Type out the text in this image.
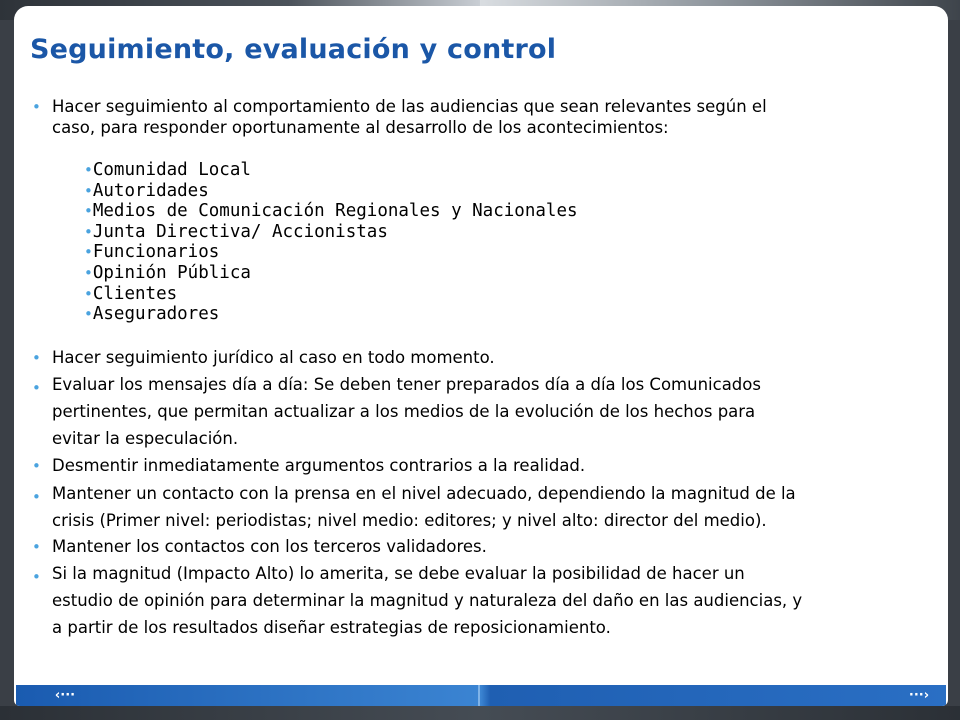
Seguimiento, evaluación y control
• Hacer seguimiento al comportamiento de las audiencias que sean relevantes según el
caso, para responder oportunamente al desarrollo de los acontecimientos:
•Comunidad Local
•Autoridades
•Medios de Comunicación Regionales y Nacionales
•Junta Directiva/ Accionistas
•Funcionarios
•Opinión Pública
•Clientes
•Aseguradores
• Hacer seguimiento jurídico al caso en todo momento.
• Evaluar los mensajes día a día: Se deben tener preparados día a día los Comunicados
pertinentes, que permitan actualizar a los medios de la evolución de los hechos para
evitar la especulación.
• Desmentir inmediatamente argumentos contrarios a la realidad.
• Mantener un contacto con la prensa en el nivel adecuado, dependiendo la magnitud de la
crisis (Primer nivel: periodistas; nivel medio: editores; y nivel alto: director del medio).
• Mantener los contactos con los terceros validadores.
• Si la magnitud (Impacto Alto) lo amerita, se debe evaluar la posibilidad de hacer un
estudio de opinión para determinar la magnitud y naturaleza del daño en las audiencias, y
a partir de los resultados diseñar estrategias de reposicionamiento.
‹···	···›
